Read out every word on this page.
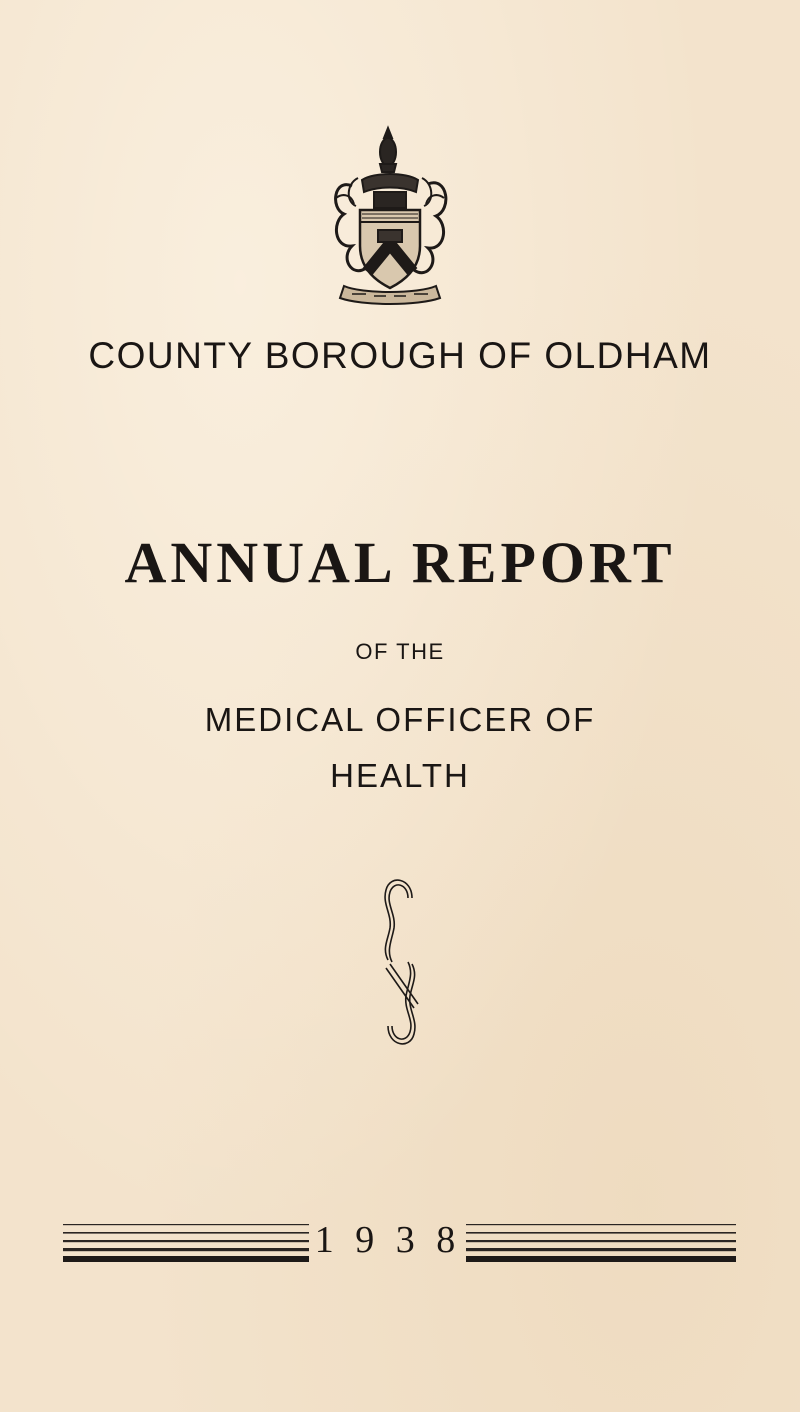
COUNTY BOROUGH OF OLDHAM
ANNUAL REPORT
OF THE
MEDICAL OFFICER OF
HEALTH
1 9 3 8
